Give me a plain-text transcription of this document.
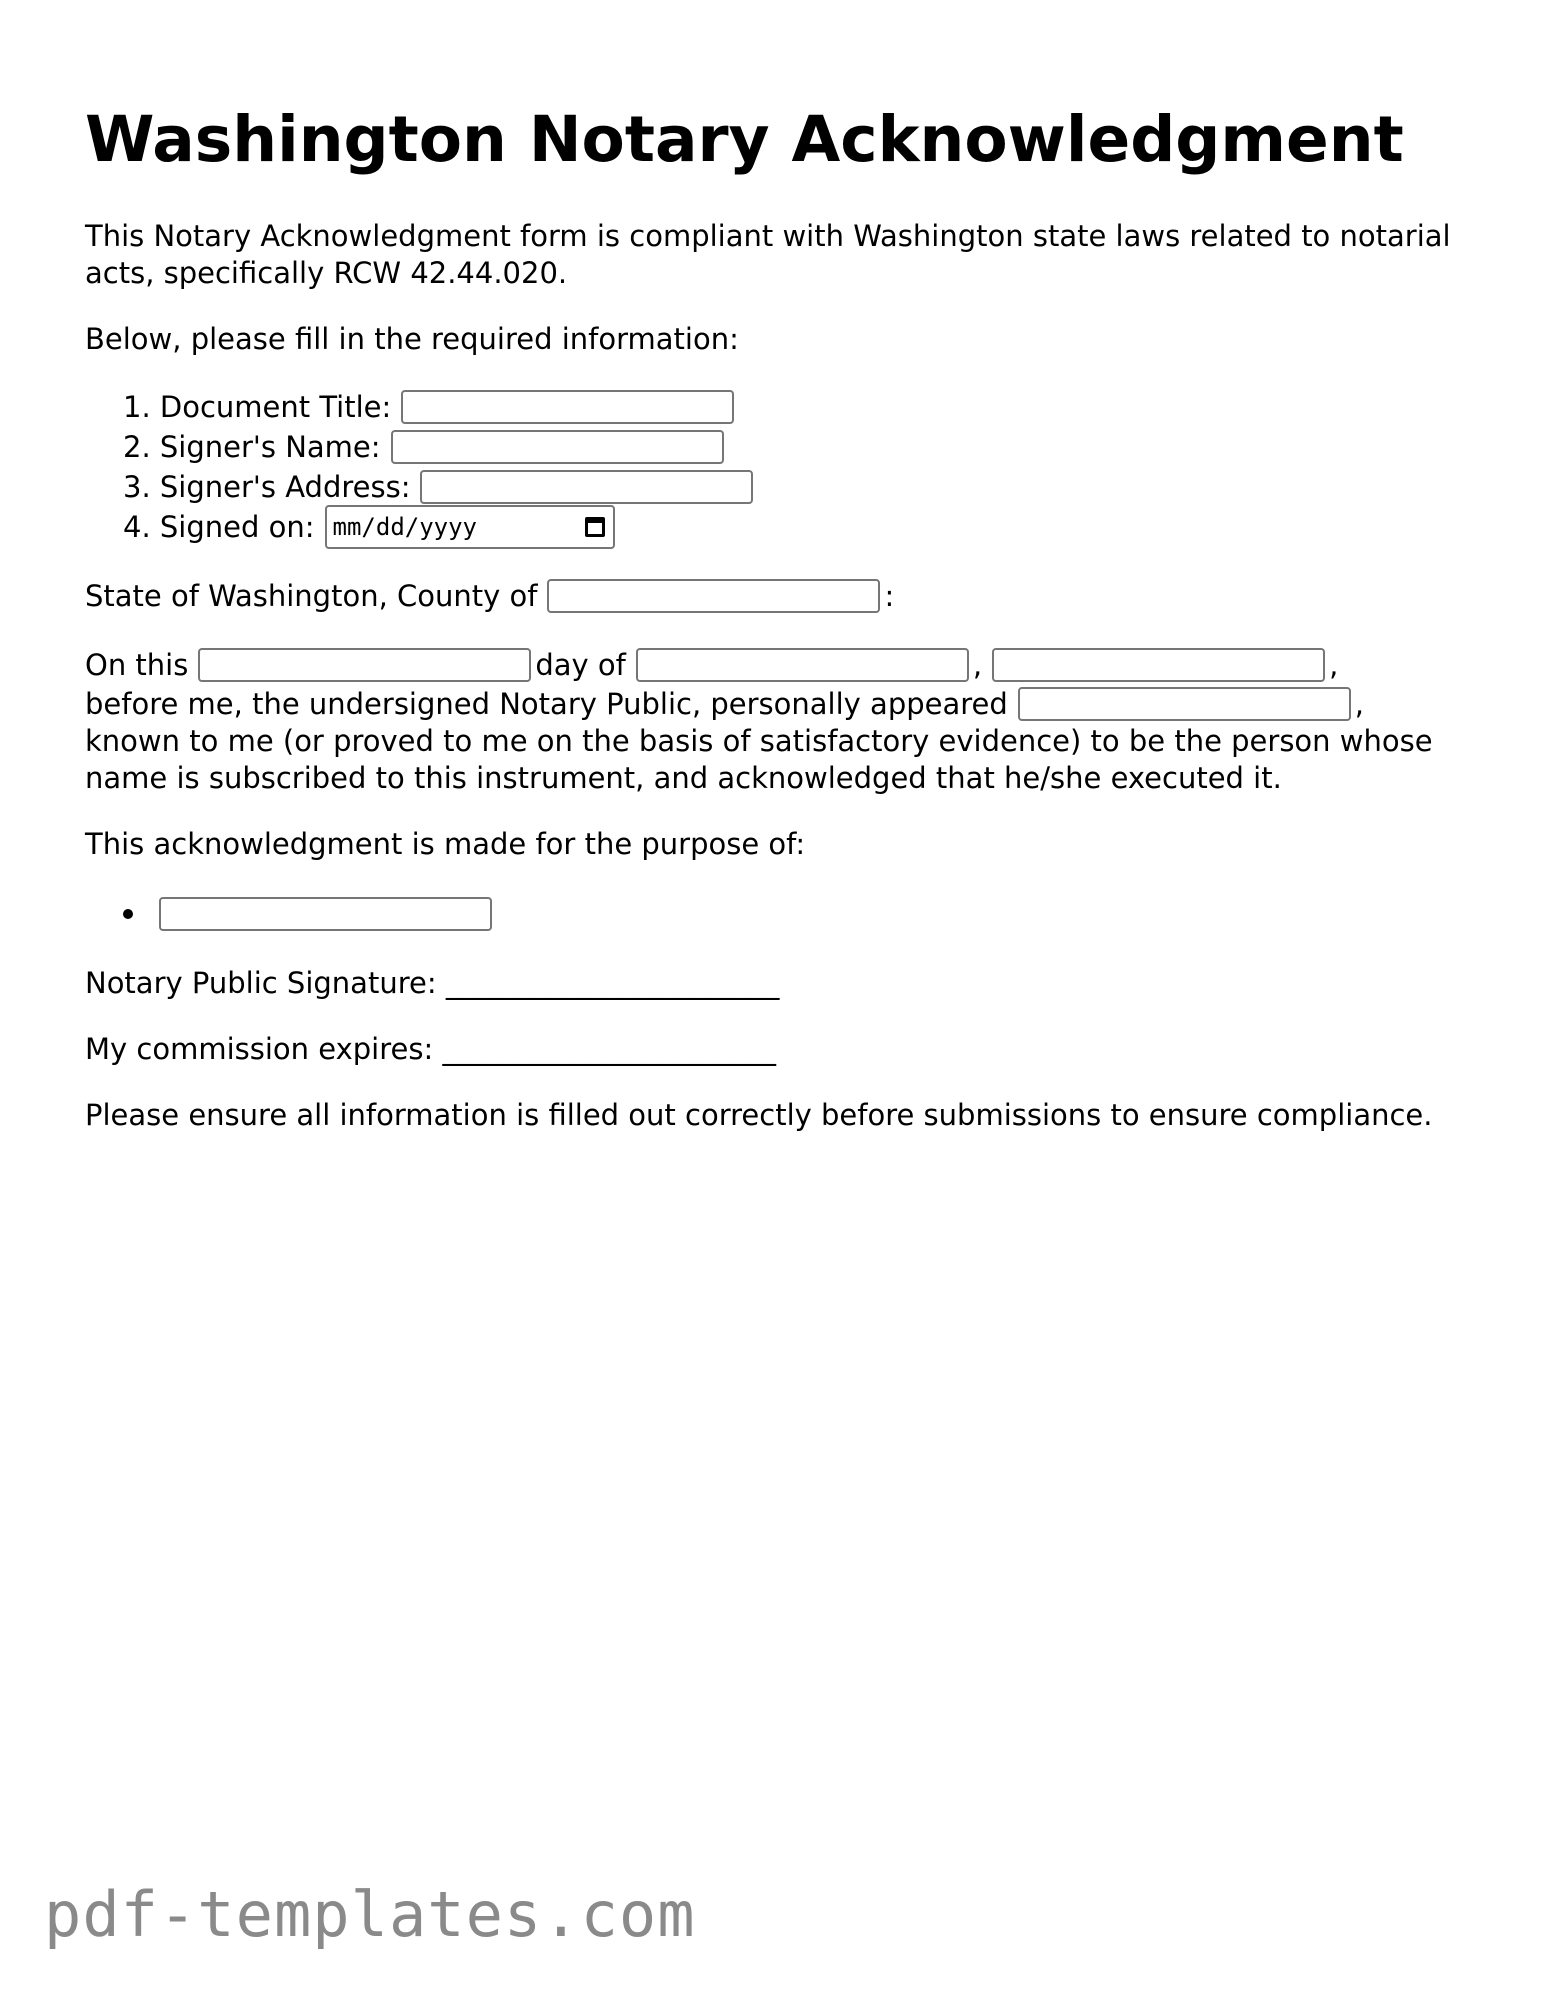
Washington Notary Acknowledgment

This Notary Acknowledgment form is compliant with Washington state laws related to notarial acts, specifically RCW 42.44.020.

Below, please fill in the required information:

1.
Document Title:
2.
Signer's Name:
3.
Signer's Address:
4.
Signed on: mm/dd/yyyy
State of Washington, County of	:
On this	day of	,	,
before me, the undersigned Notary Public, personally appeared	,
known to me (or proved to me on the basis of satisfactory evidence) to be the person whose name is subscribed to this instrument, and acknowledged that he/she executed it.

This acknowledgment is made for the purpose of:

Notary Public Signature: _______________________

My commission expires: _______________________

Please ensure all information is filled out correctly before submissions to ensure compliance.

pdf-templates.com
